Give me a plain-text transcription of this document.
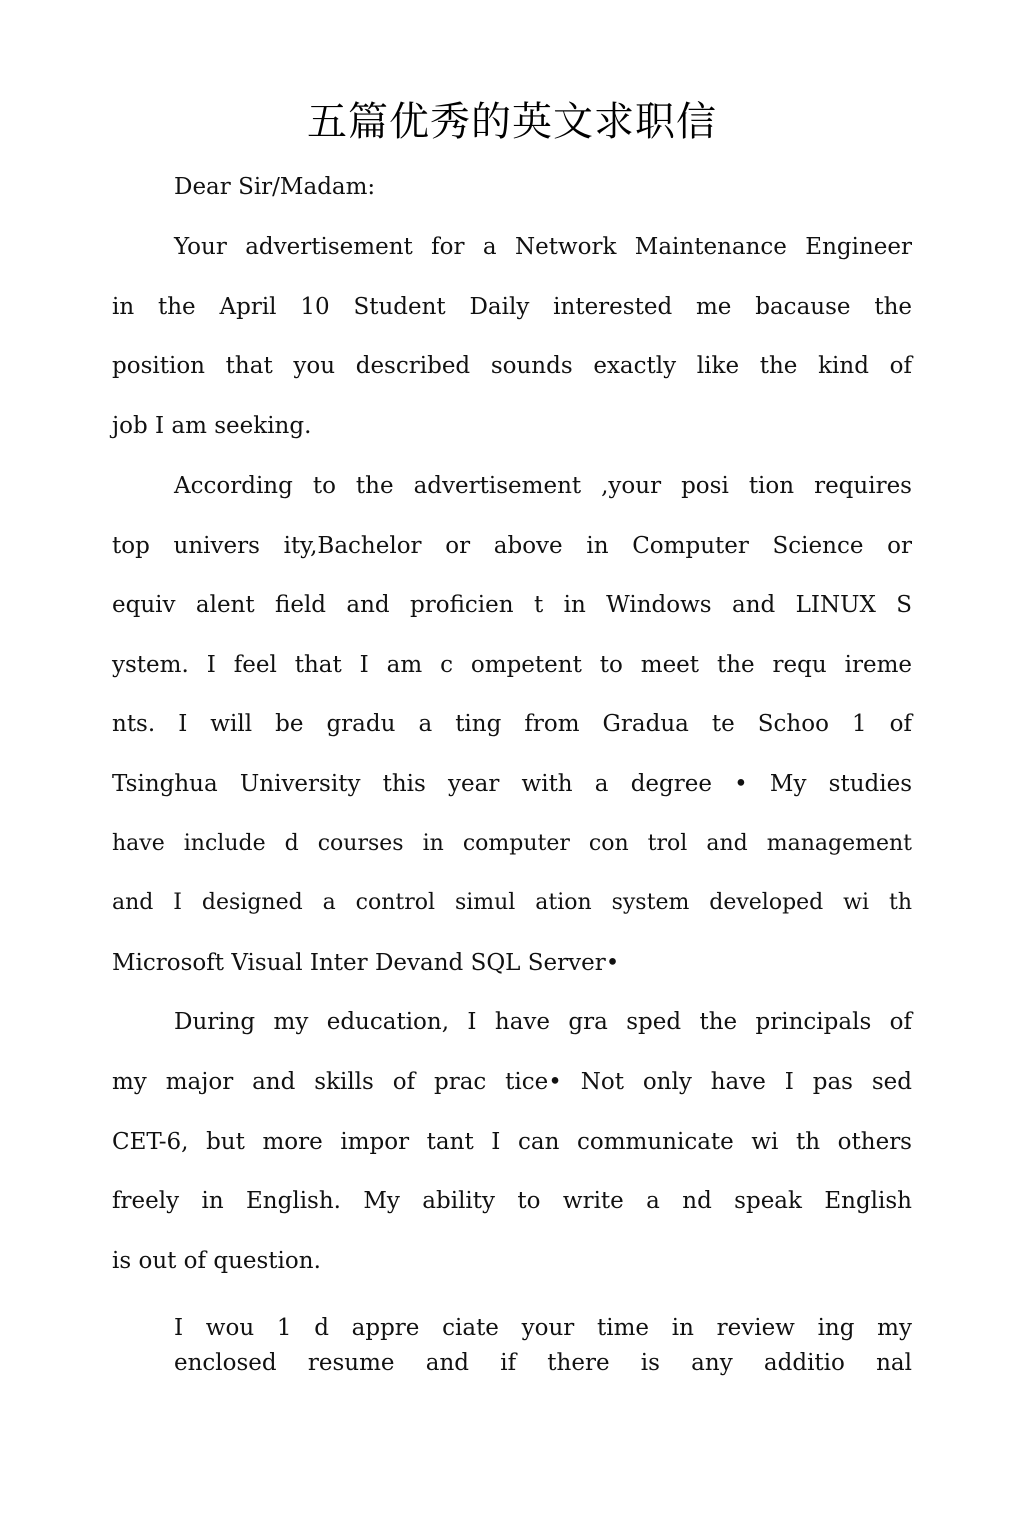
五篇优秀的英文求职信
Dear Sir/Madam:
Your advertisement for a Network Maintenance Engineer
in the April 10 Student Daily interested me bacause the
position that you described sounds exactly like the kind of
job I am seeking.
According to the advertisement ,your posi tion requires
top univers ity,Bachelor or above in Computer Science or
equiv alent field and proficien t in Windows and LINUX S
ystem. I feel that I am c ompetent to meet the requ ireme
nts. I will be gradu a ting from Gradua te Schoo 1 of
Tsinghua University this year with a degree • My studies
have include d courses in computer con trol and management
and I designed a control simul ation system developed wi th
Microsoft Visual Inter Devand SQL Server•
During my education, I have gra sped the principals of
my major and skills of prac tice• Not only have I pas sed
CET-6, but more impor tant I can communicate wi th others
freely in English. My ability to write a nd speak English
is out of question.
I wou 1 d appre ciate your time in review ing my
enclosed resume and if there is any additio nal
